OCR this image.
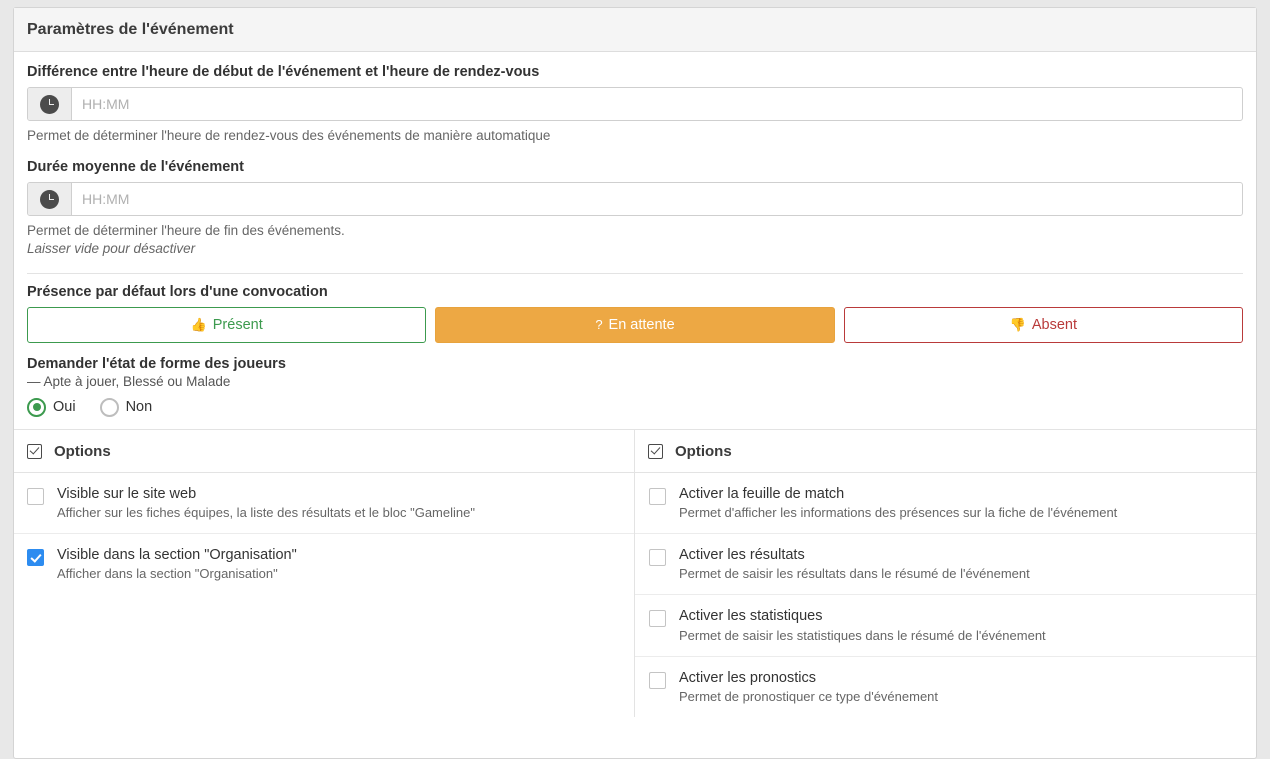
Paramètres de l'événement
Différence entre l'heure de début de l'événement et l'heure de rendez-vous
HH:MM
Permet de déterminer l'heure de rendez-vous des événements de manière automatique
Durée moyenne de l'événement
HH:MM
Permet de déterminer l'heure de fin des événements.
Laisser vide pour désactiver
Présence par défaut lors d'une convocation
👍 Présent	? En attente	👎 Absent
Demander l'état de forme des joueurs
— Apte à jouer, Blessé ou Malade
Oui	Non
Options
Visible sur le site web
Afficher sur les fiches équipes, la liste des résultats et le bloc "Gameline"
Visible dans la section "Organisation"
Afficher dans la section "Organisation"
Options
Activer la feuille de match
Permet d'afficher les informations des présences sur la fiche de l'événement
Activer les résultats
Permet de saisir les résultats dans le résumé de l'événement
Activer les statistiques
Permet de saisir les statistiques dans le résumé de l'événement
Activer les pronostics
Permet de pronostiquer ce type d'événement
